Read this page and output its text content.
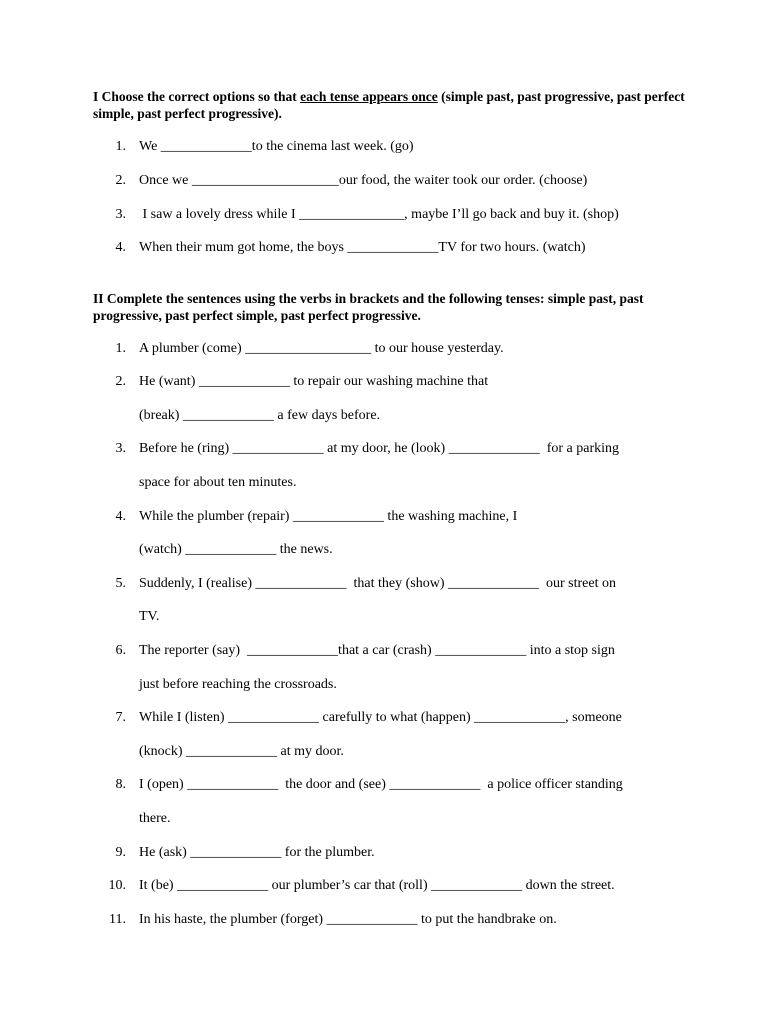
I Choose the correct options so that each tense appears once (simple past, past progressive, past perfect simple, past perfect progressive).
1. We _____________to the cinema last week. (go)
2. Once we _____________________our food, the waiter took our order. (choose)
3. I saw a lovely dress while I _______________, maybe I’ll go back and buy it. (shop)
4. When their mum got home, the boys _____________TV for two hours. (watch)
II Complete the sentences using the verbs in brackets and the following tenses: simple past, past progressive, past perfect simple, past perfect progressive.
1. A plumber (come) __________________ to our house yesterday.
2. He (want) _____________ to repair our washing machine that
(break) _____________ a few days before.
3. Before he (ring) _____________ at my door, he (look) _____________  for a parking
space for about ten minutes.
4. While the plumber (repair) _____________ the washing machine, I
(watch) _____________ the news.
5. Suddenly, I (realise) _____________  that they (show) _____________  our street on
TV.
6. The reporter (say)  _____________that a car (crash) _____________ into a stop sign
just before reaching the crossroads.
7. While I (listen) _____________ carefully to what (happen) _____________, someone
(knock) _____________ at my door.
8. I (open) _____________  the door and (see) _____________  a police officer standing
there.
9. He (ask) _____________ for the plumber.
10. It (be) _____________ our plumber’s car that (roll) _____________ down the street.
11. In his haste, the plumber (forget) _____________ to put the handbrake on.
